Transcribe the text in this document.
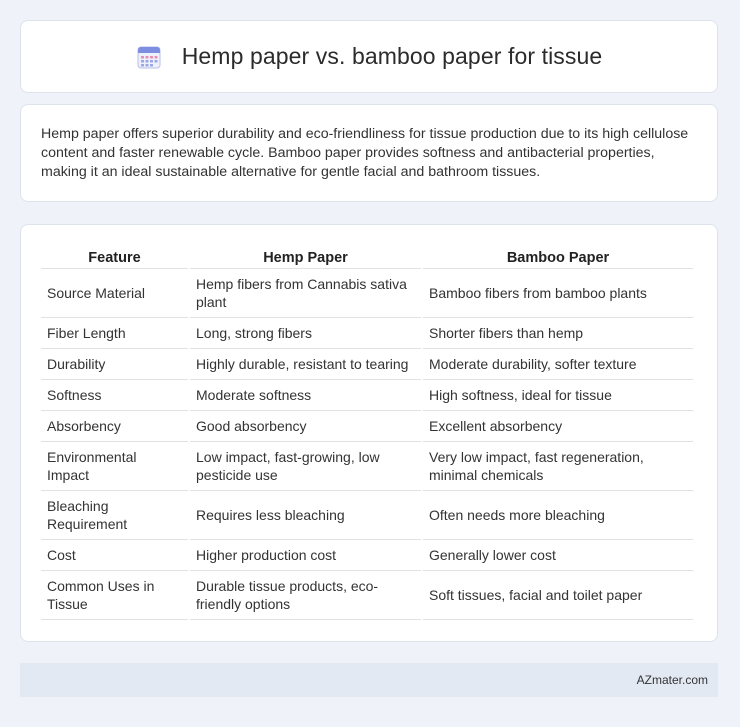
Hemp paper vs. bamboo paper for tissue

Hemp paper offers superior durability and eco-friendliness for tissue production due to its high cellulose content and faster renewable cycle. Bamboo paper provides softness and antibacterial properties, making it an ideal sustainable alternative for gentle facial and bathroom tissues.

Feature	Hemp Paper	Bamboo Paper
Source Material	Hemp fibers from Cannabis sativa plant	Bamboo fibers from bamboo plants
Fiber Length	Long, strong fibers	Shorter fibers than hemp
Durability	Highly durable, resistant to tearing	Moderate durability, softer texture
Softness	Moderate softness	High softness, ideal for tissue
Absorbency	Good absorbency	Excellent absorbency
Environmental Impact	Low impact, fast-growing, low pesticide use	Very low impact, fast regeneration, minimal chemicals
Bleaching Requirement	Requires less bleaching	Often needs more bleaching
Cost	Higher production cost	Generally lower cost
Common Uses in Tissue	Durable tissue products, eco-friendly options	Soft tissues, facial and toilet paper
AZmater.com
